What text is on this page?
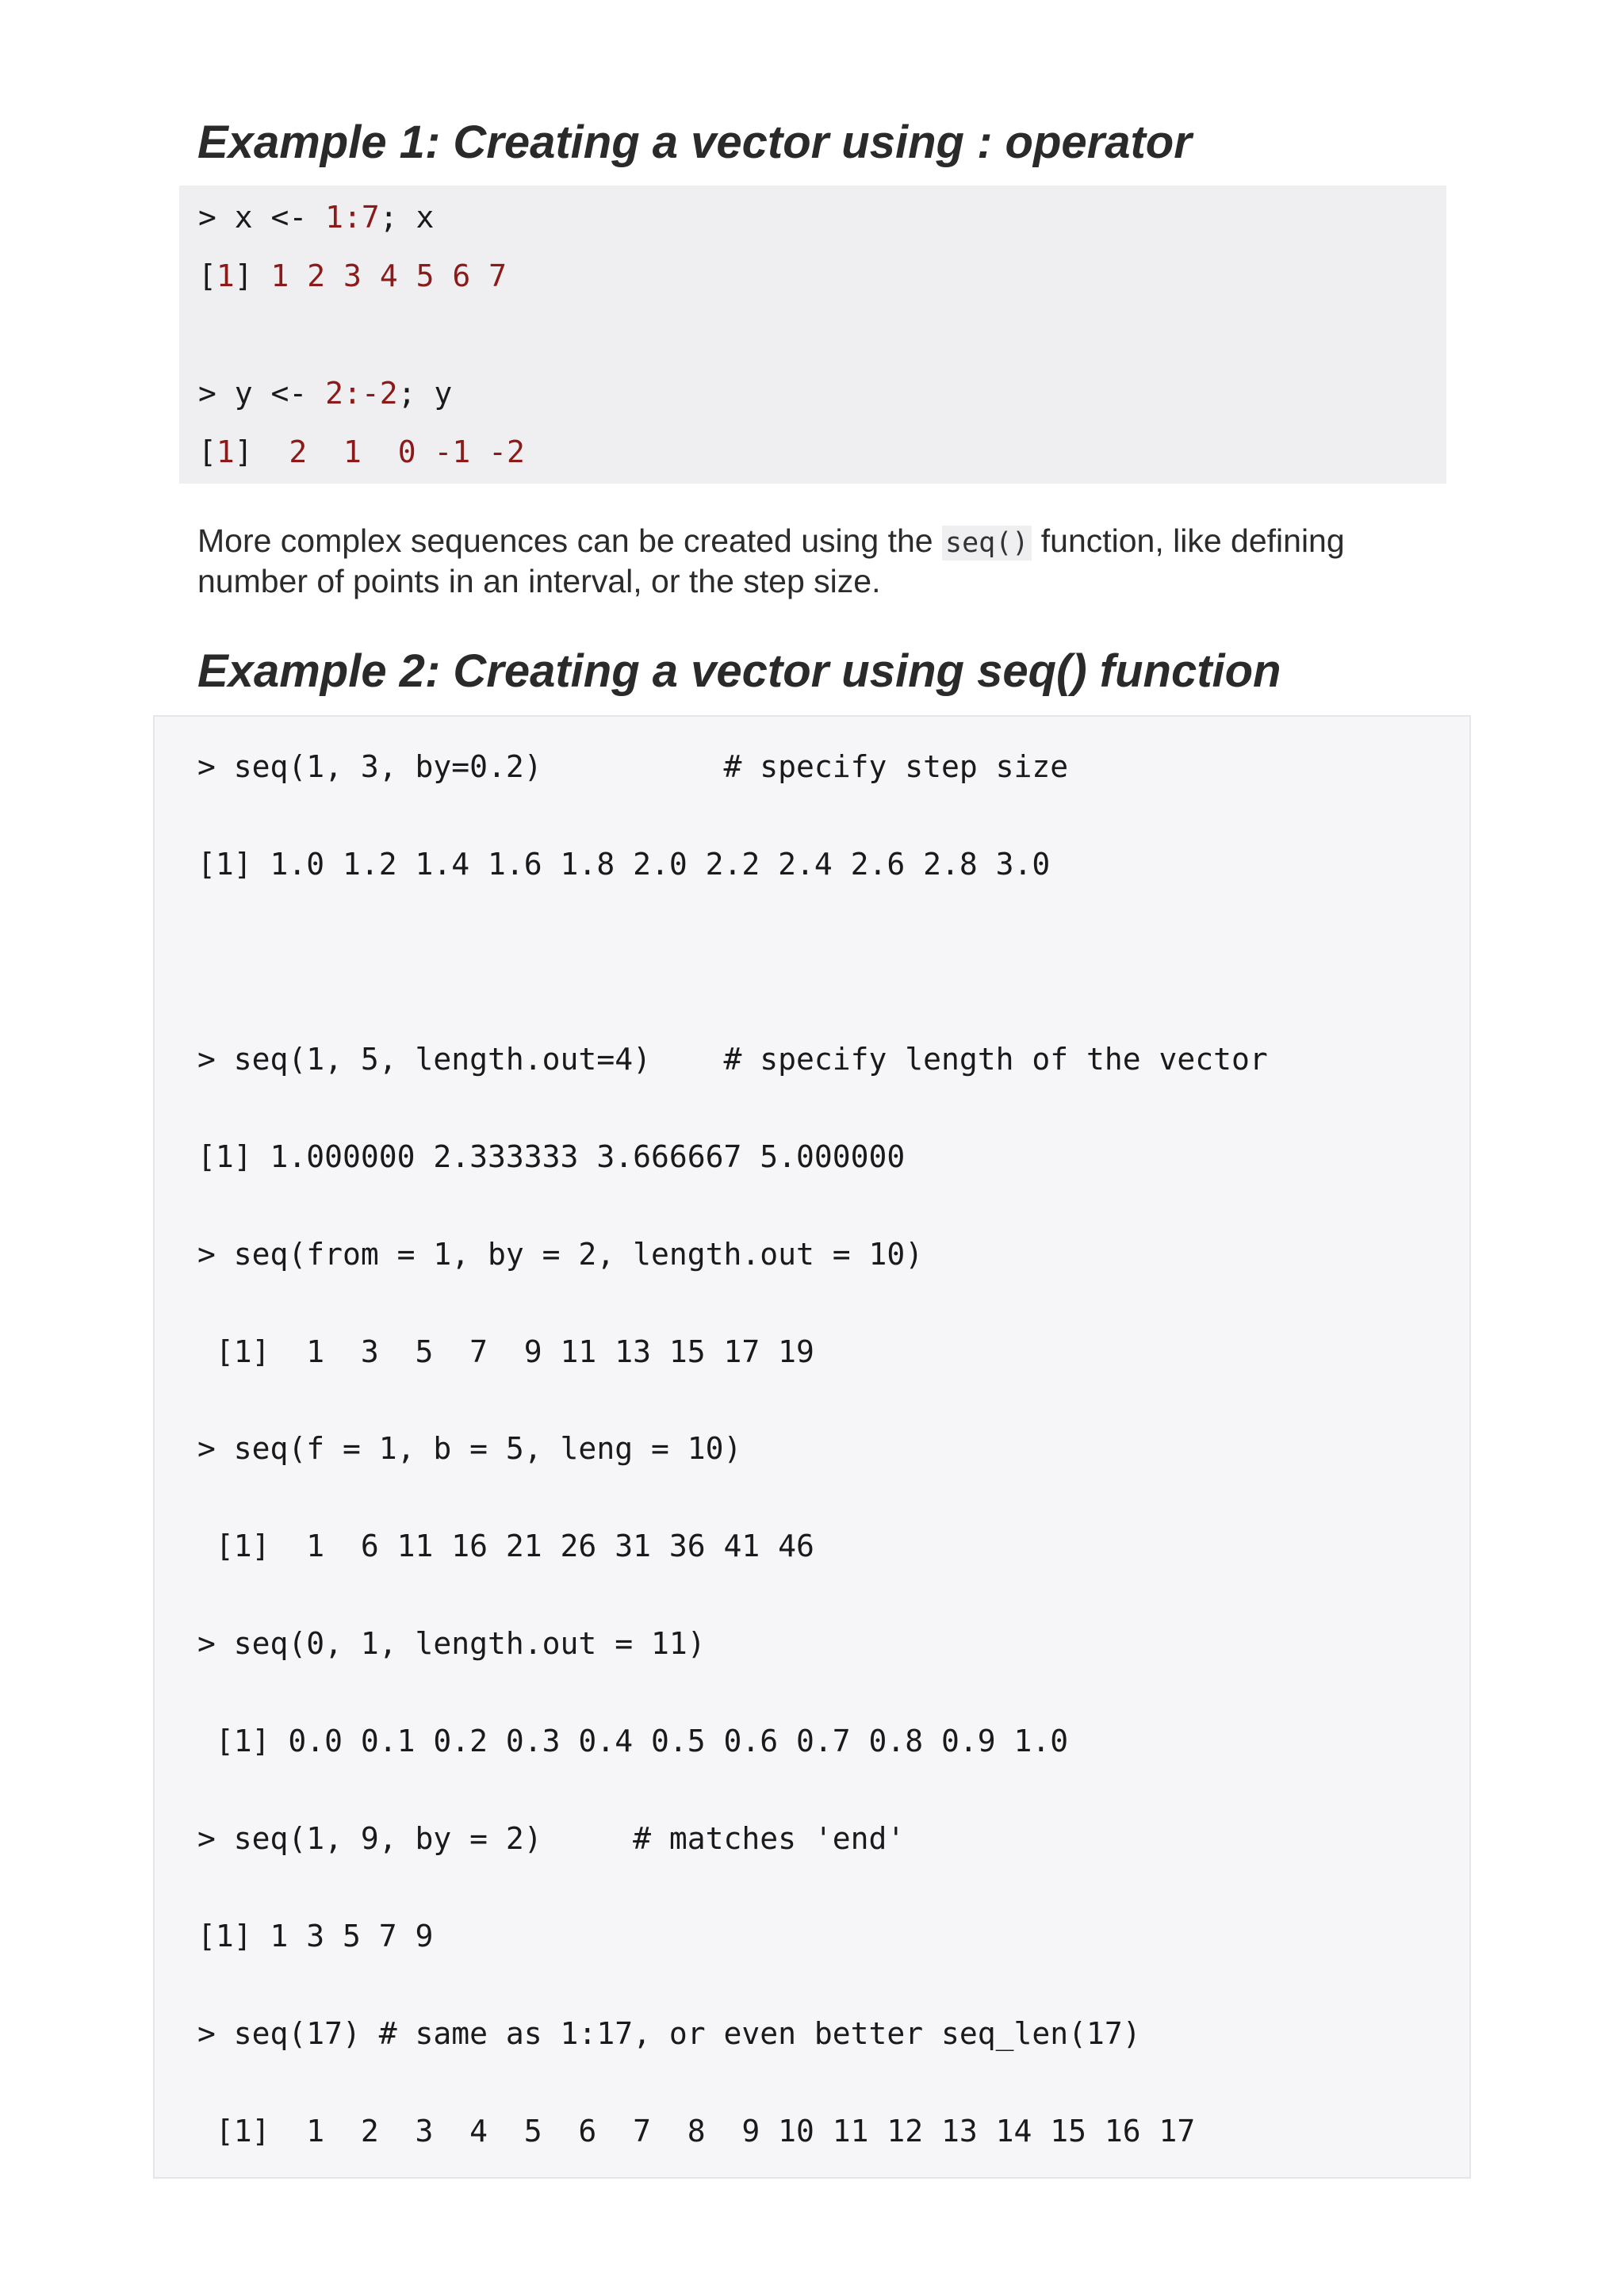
Example 1: Creating a vector using : operator
> x <- 1:7; x
[1] 1 2 3 4 5 6 7
> y <- 2:-2; y
[1]  2  1  0 -1 -2

More complex sequences can be created using the seq() function, like defining number of points in an interval, or the step size.

Example 2: Creating a vector using seq() function
> seq(1, 3, by=0.2)          # specify step size
[1] 1.0 1.2 1.4 1.6 1.8 2.0 2.2 2.4 2.6 2.8 3.0
> seq(1, 5, length.out=4)    # specify length of the vector
[1] 1.000000 2.333333 3.666667 5.000000
> seq(from = 1, by = 2, length.out = 10)
[1]  1  3  5  7  9 11 13 15 17 19
> seq(f = 1, b = 5, leng = 10)
[1]  1  6 11 16 21 26 31 36 41 46
> seq(0, 1, length.out = 11)
[1] 0.0 0.1 0.2 0.3 0.4 0.5 0.6 0.7 0.8 0.9 1.0
> seq(1, 9, by = 2)     # matches 'end'
[1] 1 3 5 7 9
> seq(17) # same as 1:17, or even better seq_len(17)
[1]  1  2  3  4  5  6  7  8  9 10 11 12 13 14 15 16 17
